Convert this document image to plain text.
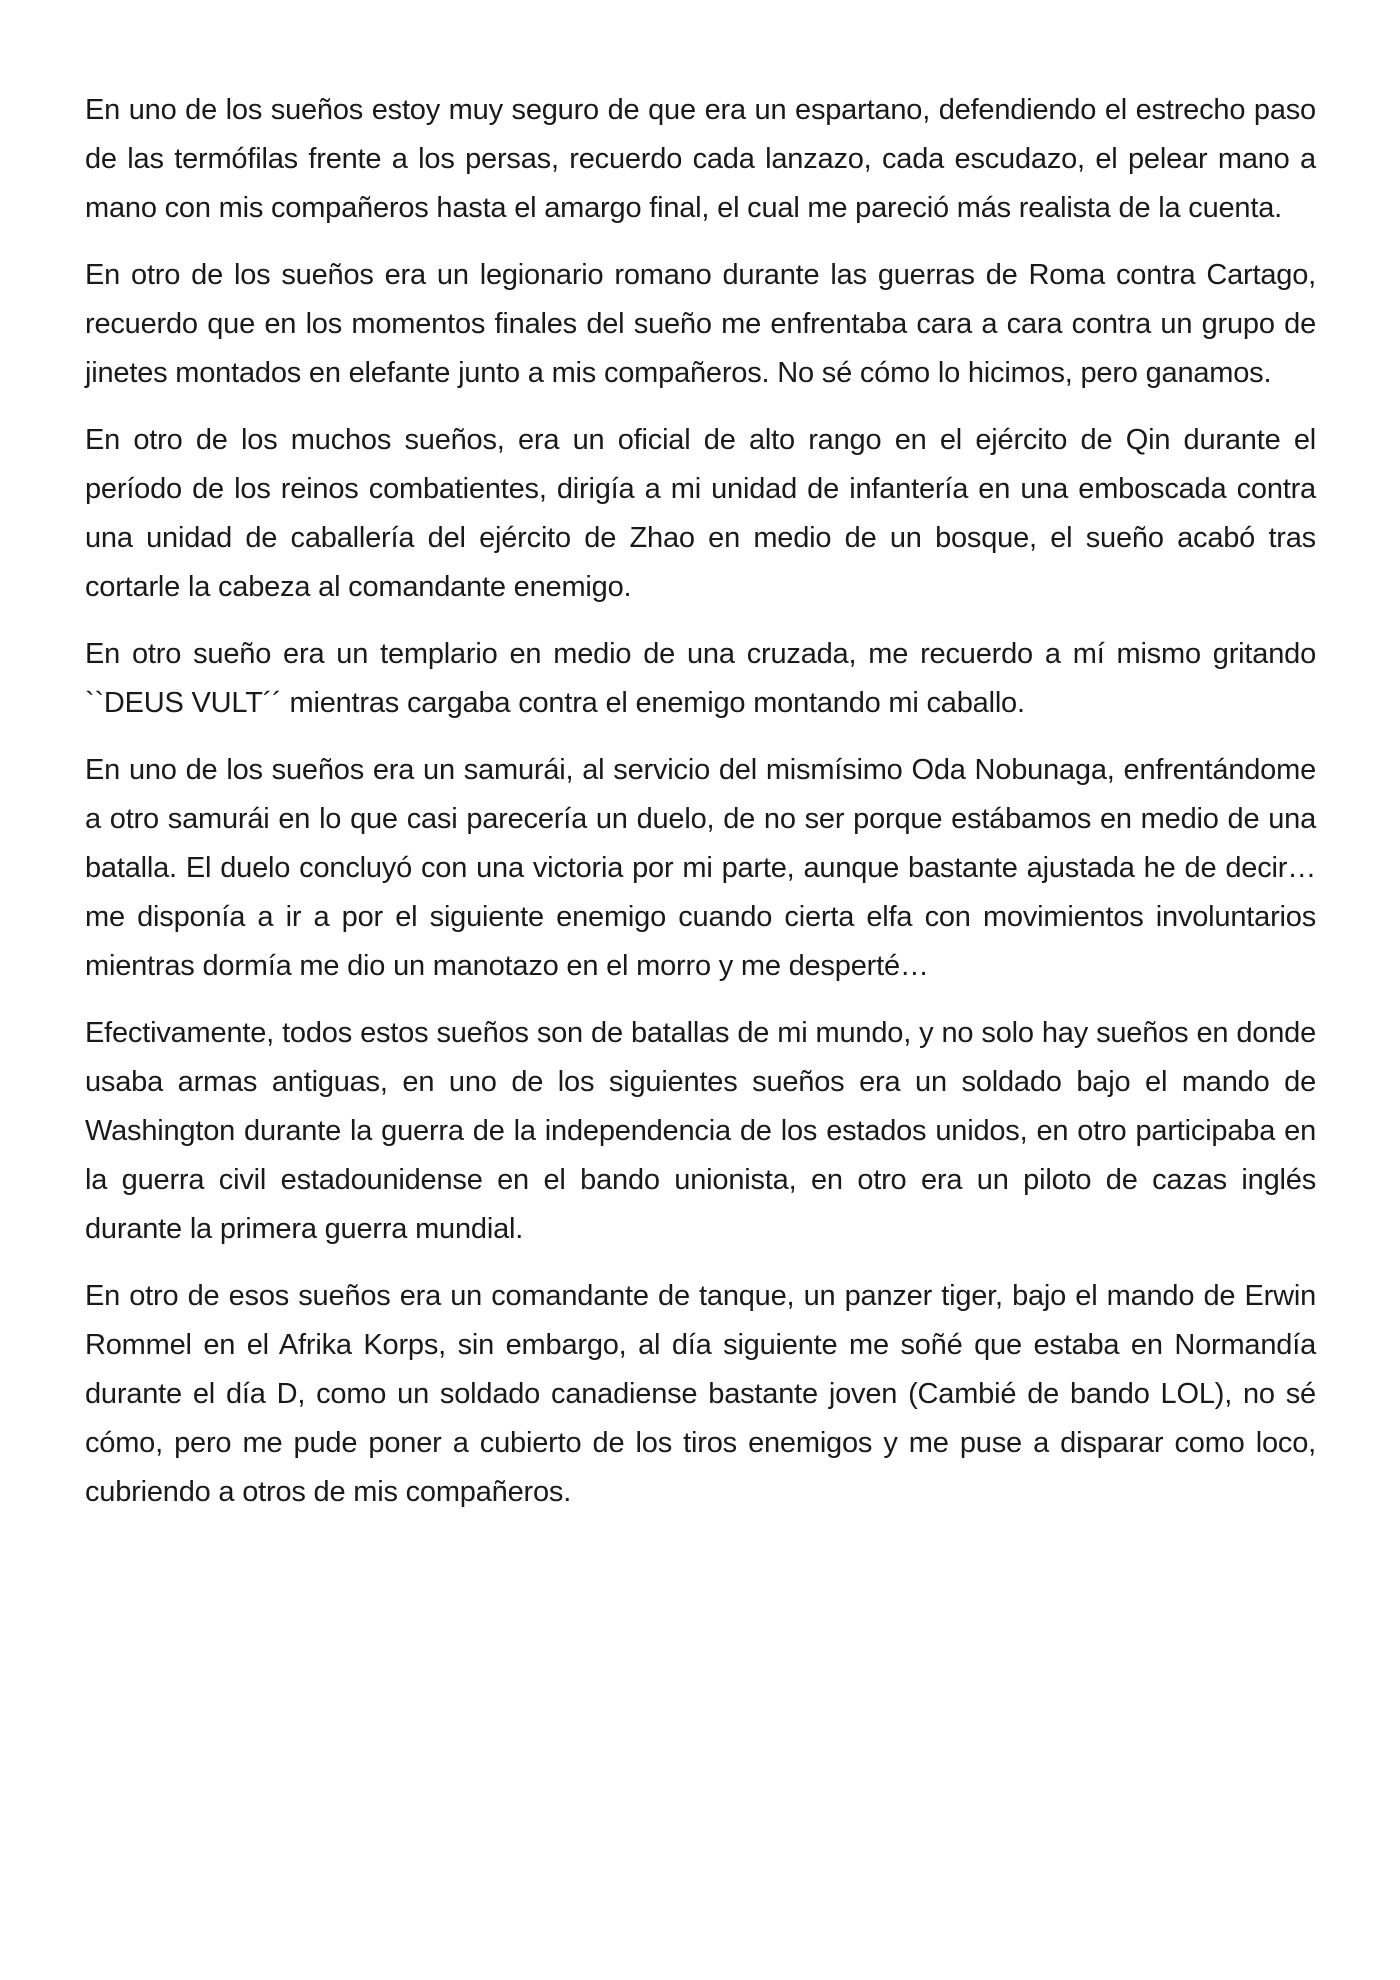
En uno de los sueños estoy muy seguro de que era un espartano, defendiendo el estrecho paso de las termófilas frente a los persas, recuerdo cada lanzazo, cada escudazo, el pelear mano a mano con mis compañeros hasta el amargo final, el cual me pareció más realista de la cuenta.

En otro de los sueños era un legionario romano durante las guerras de Roma contra Cartago, recuerdo que en los momentos finales del sueño me enfrentaba cara a cara contra un grupo de jinetes montados en elefante junto a mis compañeros. No sé cómo lo hicimos, pero ganamos.

En otro de los muchos sueños, era un oficial de alto rango en el ejército de Qin durante el período de los reinos combatientes, dirigía a mi unidad de infantería en una emboscada contra una unidad de caballería del ejército de Zhao en medio de un bosque, el sueño acabó tras cortarle la cabeza al comandante enemigo.

En otro sueño era un templario en medio de una cruzada, me recuerdo a mí mismo gritando ``DEUS VULT´´ mientras cargaba contra el enemigo montando mi caballo.

En uno de los sueños era un samurái, al servicio del mismísimo Oda Nobunaga, enfrentándome a otro samurái en lo que casi parecería un duelo, de no ser porque estábamos en medio de una batalla. El duelo concluyó con una victoria por mi parte, aunque bastante ajustada he de decir… me disponía a ir a por el siguiente enemigo cuando cierta elfa con movimientos involuntarios mientras dormía me dio un manotazo en el morro y me desperté…

Efectivamente, todos estos sueños son de batallas de mi mundo, y no solo hay sueños en donde usaba armas antiguas, en uno de los siguientes sueños era un soldado bajo el mando de Washington durante la guerra de la independencia de los estados unidos, en otro participaba en la guerra civil estadounidense en el bando unionista, en otro era un piloto de cazas inglés durante la primera guerra mundial.

En otro de esos sueños era un comandante de tanque, un panzer tiger, bajo el mando de Erwin Rommel en el Afrika Korps, sin embargo, al día siguiente me soñé que estaba en Normandía durante el día D, como un soldado canadiense bastante joven (Cambié de bando LOL), no sé cómo, pero me pude poner a cubierto de los tiros enemigos y me puse a disparar como loco, cubriendo a otros de mis compañeros.
